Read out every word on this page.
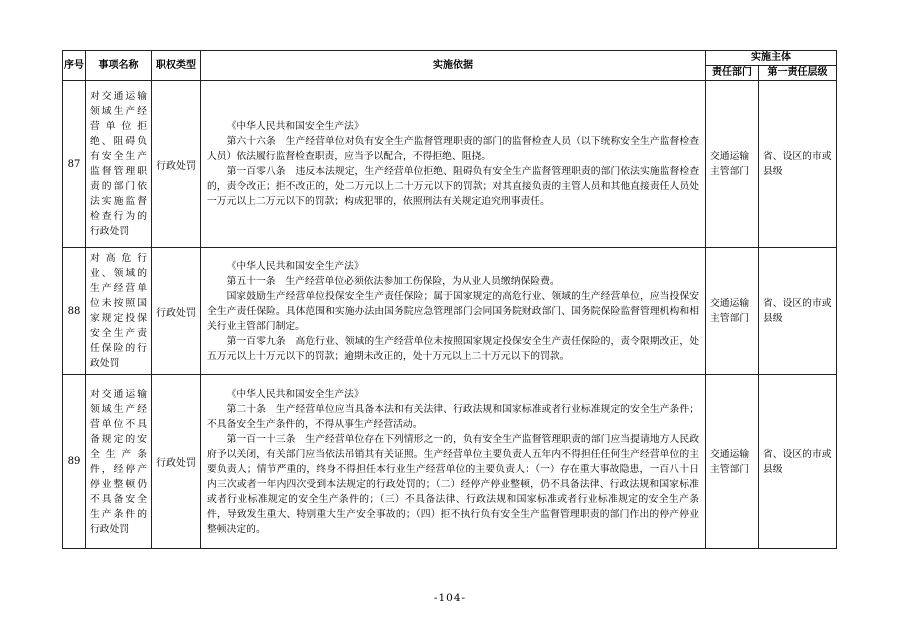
序号	事项名称	职权类型	实施依据	实施主体	
				责任部门	第一责任层级
87	对交通运输领域生产经营单位拒绝、阻碍负有安全生产监督管理职责的部门依法实施监督检查行为的行政处罚	行政处罚	《中华人民共和国安全生产法》

第六十六条　生产经营单位对负有安全生产监督管理职责的部门的监督检查人员（以下统称安全生产监督检查人员）依法履行监督检查职责，应当予以配合，不得拒绝、阻挠。

第一百零八条　违反本法规定，生产经营单位拒绝、阻碍负有安全生产监督管理职责的部门依法实施监督检查的，责令改正；拒不改正的，处二万元以上二十万元以下的罚款；对其直接负责的主管人员和其他直接责任人员处一万元以上二万元以下的罚款；构成犯罪的，依照刑法有关规定追究刑事责任。	交通运输主管部门	省、设区的市或县级
88	对高危行业、领域的生产经营单位未按照国家规定投保安全生产责任保险的行政处罚	行政处罚	《中华人民共和国安全生产法》

第五十一条　生产经营单位必须依法参加工伤保险，为从业人员缴纳保险费。

国家鼓励生产经营单位投保安全生产责任保险；属于国家规定的高危行业、领域的生产经营单位，应当投保安全生产责任保险。具体范围和实施办法由国务院应急管理部门会同国务院财政部门、国务院保险监督管理机构和相关行业主管部门制定。

第一百零九条　高危行业、领域的生产经营单位未按照国家规定投保安全生产责任保险的，责令限期改正，处五万元以上十万元以下的罚款；逾期未改正的，处十万元以上二十万元以下的罚款。	交通运输主管部门	省、设区的市或县级
89	对交通运输领域生产经营单位不具备规定的安全生产条件，经停产停业整顿仍不具备安全生产条件的行政处罚	行政处罚	《中华人民共和国安全生产法》

第二十条　生产经营单位应当具备本法和有关法律、行政法规和国家标准或者行业标准规定的安全生产条件；不具备安全生产条件的，不得从事生产经营活动。

第一百一十三条　生产经营单位存在下列情形之一的，负有安全生产监督管理职责的部门应当提请地方人民政府予以关闭，有关部门应当依法吊销其有关证照。生产经营单位主要负责人五年内不得担任任何生产经营单位的主要负责人；情节严重的，终身不得担任本行业生产经营单位的主要负责人：（一）存在重大事故隐患，一百八十日内三次或者一年内四次受到本法规定的行政处罚的；（二）经停产停业整顿，仍不具备法律、行政法规和国家标准或者行业标准规定的安全生产条件的；（三）不具备法律、行政法规和国家标准或者行业标准规定的安全生产条件，导致发生重大、特别重大生产安全事故的；（四）拒不执行负有安全生产监督管理职责的部门作出的停产停业整顿决定的。	交通运输主管部门	省、设区的市或县级
-104-
